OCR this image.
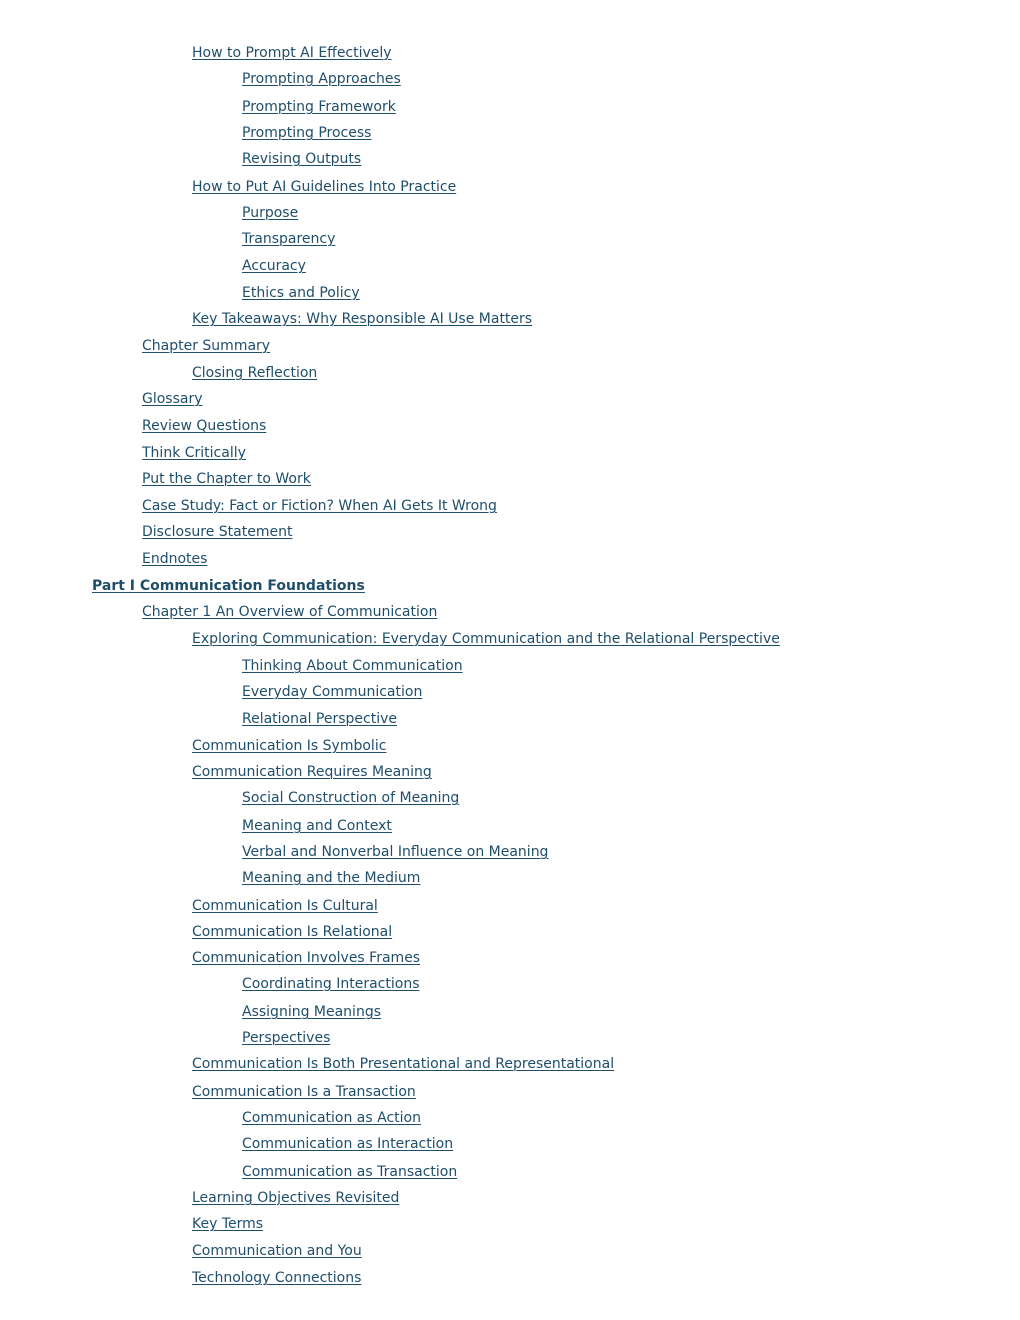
How to Prompt AI Effectively
Prompting Approaches
Prompting Framework
Prompting Process
Revising Outputs
How to Put AI Guidelines Into Practice
Purpose
Transparency
Accuracy
Ethics and Policy
Key Takeaways: Why Responsible AI Use Matters
Chapter Summary
Closing Reflection
Glossary
Review Questions
Think Critically
Put the Chapter to Work
Case Study: Fact or Fiction? When AI Gets It Wrong
Disclosure Statement
Endnotes
Part I Communication Foundations
Chapter 1 An Overview of Communication
Exploring Communication: Everyday Communication and the Relational Perspective
Thinking About Communication
Everyday Communication
Relational Perspective
Communication Is Symbolic
Communication Requires Meaning
Social Construction of Meaning
Meaning and Context
Verbal and Nonverbal Influence on Meaning
Meaning and the Medium
Communication Is Cultural
Communication Is Relational
Communication Involves Frames
Coordinating Interactions
Assigning Meanings
Perspectives
Communication Is Both Presentational and Representational
Communication Is a Transaction
Communication as Action
Communication as Interaction
Communication as Transaction
Learning Objectives Revisited
Key Terms
Communication and You
Technology Connections
